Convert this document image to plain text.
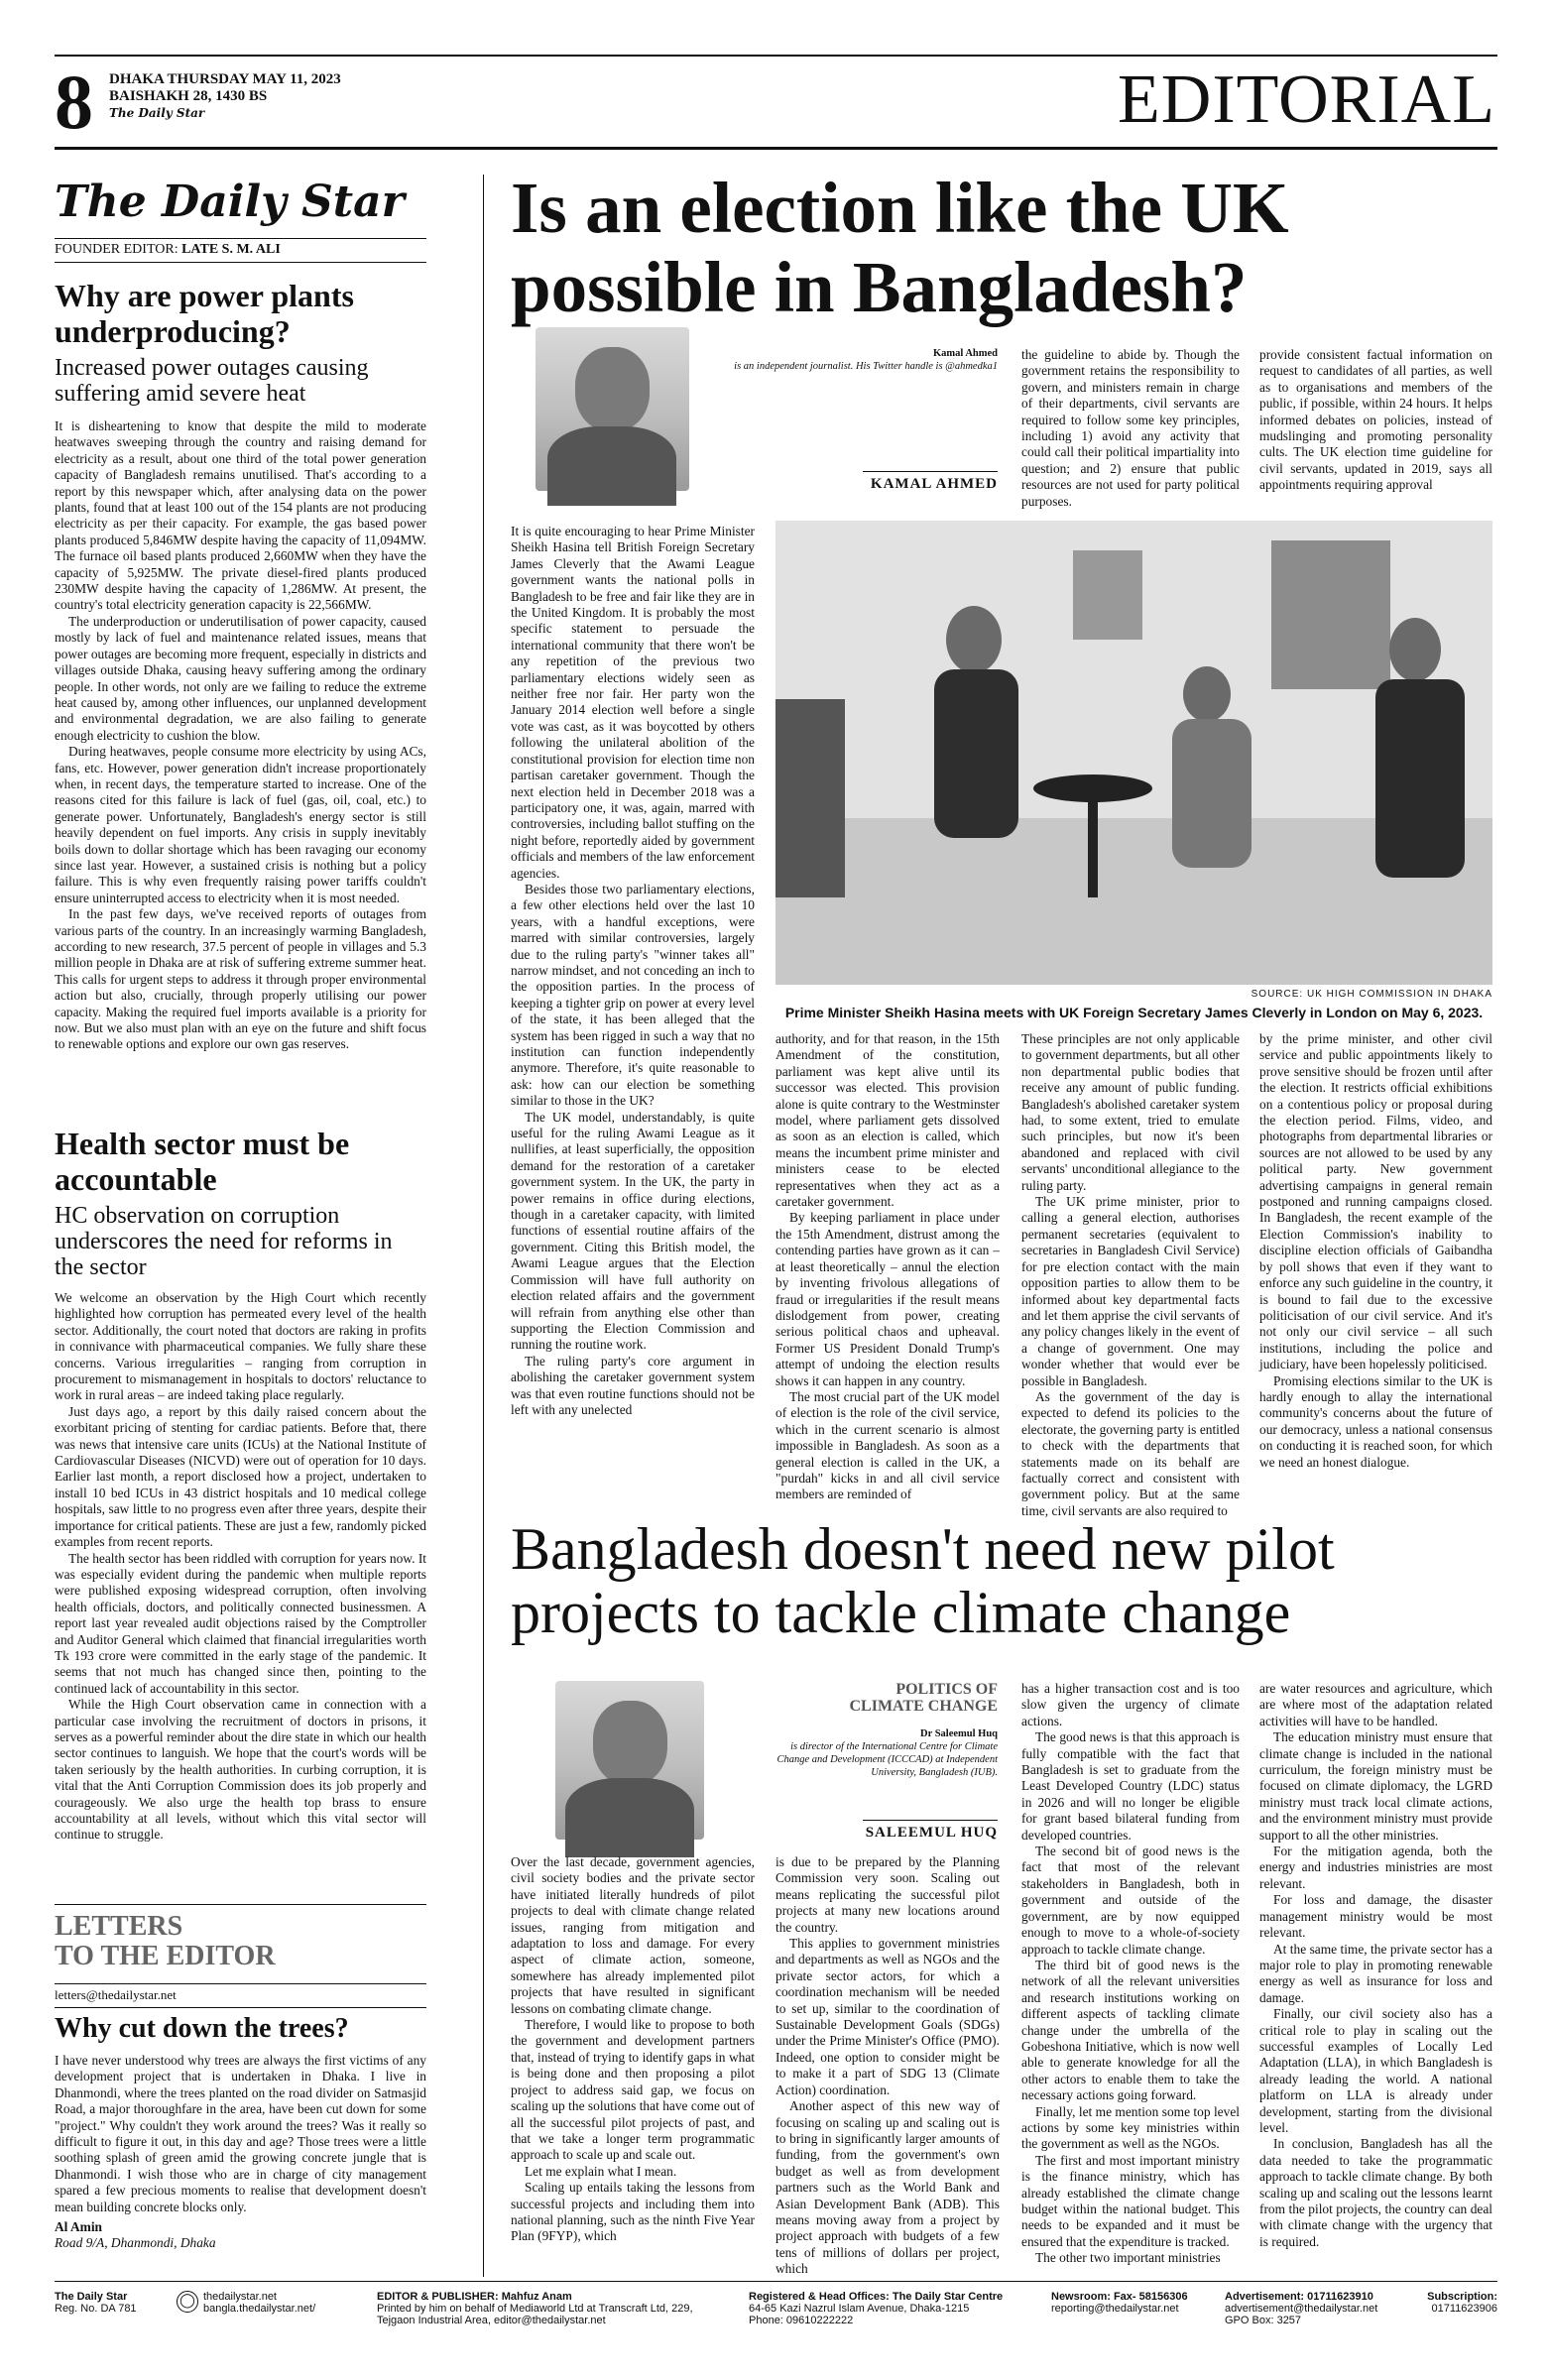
8 DHAKA THURSDAY MAY 11, 2023
BAISHAKH 28, 1430 BS
The Daily Star	EDITORIAL
The Daily Star
FOUNDER EDITOR: LATE S. M. ALI
Why are power plants underproducing?
Increased power outages causing suffering amid severe heat

It is disheartening to know that despite the mild to moderate heatwaves sweeping through the country and raising demand for electricity as a result, about one third of the total power generation capacity of Bangladesh remains unutilised. That's according to a report by this newspaper which, after analysing data on the power plants, found that at least 100 out of the 154 plants are not producing electricity as per their capacity. For example, the gas based power plants produced 5,846MW despite having the capacity of 11,094MW. The furnace oil based plants produced 2,660MW when they have the capacity of 5,925MW. The private diesel-fired plants produced 230MW despite having the capacity of 1,286MW. At present, the country's total electricity generation capacity is 22,566MW.

The underproduction or underutilisation of power capacity, caused mostly by lack of fuel and maintenance related issues, means that power outages are becoming more frequent, especially in districts and villages outside Dhaka, causing heavy suffering among the ordinary people. In other words, not only are we failing to reduce the extreme heat caused by, among other influences, our unplanned development and environmental degradation, we are also failing to generate enough electricity to cushion the blow.

During heatwaves, people consume more electricity by using ACs, fans, etc. However, power generation didn't increase proportionately when, in recent days, the temperature started to increase. One of the reasons cited for this failure is lack of fuel (gas, oil, coal, etc.) to generate power. Unfortunately, Bangladesh's energy sector is still heavily dependent on fuel imports. Any crisis in supply inevitably boils down to dollar shortage which has been ravaging our economy since last year. However, a sustained crisis is nothing but a policy failure. This is why even frequently raising power tariffs couldn't ensure uninterrupted access to electricity when it is most needed.

In the past few days, we've received reports of outages from various parts of the country. In an increasingly warming Bangladesh, according to new research, 37.5 percent of people in villages and 5.3 million people in Dhaka are at risk of suffering extreme summer heat. This calls for urgent steps to address it through proper environmental action but also, crucially, through properly utilising our power capacity. Making the required fuel imports available is a priority for now. But we also must plan with an eye on the future and shift focus to renewable options and explore our own gas reserves.

Health sector must be accountable
HC observation on corruption underscores the need for reforms in the sector

We welcome an observation by the High Court which recently highlighted how corruption has permeated every level of the health sector. Additionally, the court noted that doctors are raking in profits in connivance with pharmaceutical companies. We fully share these concerns. Various irregularities – ranging from corruption in procurement to mismanagement in hospitals to doctors' reluctance to work in rural areas – are indeed taking place regularly.

Just days ago, a report by this daily raised concern about the exorbitant pricing of stenting for cardiac patients. Before that, there was news that intensive care units (ICUs) at the National Institute of Cardiovascular Diseases (NICVD) were out of operation for 10 days. Earlier last month, a report disclosed how a project, undertaken to install 10 bed ICUs in 43 district hospitals and 10 medical college hospitals, saw little to no progress even after three years, despite their importance for critical patients. These are just a few, randomly picked examples from recent reports.

The health sector has been riddled with corruption for years now. It was especially evident during the pandemic when multiple reports were published exposing widespread corruption, often involving health officials, doctors, and politically connected businessmen. A report last year revealed audit objections raised by the Comptroller and Auditor General which claimed that financial irregularities worth Tk 193 crore were committed in the early stage of the pandemic. It seems that not much has changed since then, pointing to the continued lack of accountability in this sector.

While the High Court observation came in connection with a particular case involving the recruitment of doctors in prisons, it serves as a powerful reminder about the dire state in which our health sector continues to languish. We hope that the court's words will be taken seriously by the health authorities. In curbing corruption, it is vital that the Anti Corruption Commission does its job properly and courageously. We also urge the health top brass to ensure accountability at all levels, without which this vital sector will continue to struggle.

LETTERS
TO THE EDITOR
letters@thedailystar.net
Why cut down the trees?
I have never understood why trees are always the first victims of any development project that is undertaken in Dhaka. I live in Dhanmondi, where the trees planted on the road divider on Satmasjid Road, a major thoroughfare in the area, have been cut down for some "project." Why couldn't they work around the trees? Was it really so difficult to figure it out, in this day and age? Those trees were a little soothing splash of green amid the growing concrete jungle that is Dhanmondi. I wish those who are in charge of city management spared a few precious moments to realise that development doesn't mean building concrete blocks only.
Al Amin
Road 9/A, Dhanmondi, Dhaka
Is an election like the UK possible in Bangladesh?
Kamal Ahmed
is an independent journalist. His Twitter handle is @ahmedka1
KAMAL AHMED
the guideline to abide by. Though the government retains the responsibility to govern, and ministers remain in charge of their departments, civil servants are required to follow some key principles, including 1) avoid any activity that could call their political impartiality into question; and 2) ensure that public resources are not used for party political purposes.
provide consistent factual information on request to candidates of all parties, as well as to organisations and members of the public, if possible, within 24 hours. It helps informed debates on policies, instead of mudslinging and promoting personality cults. The UK election time guideline for civil servants, updated in 2019, says all appointments requiring approval
SOURCE: UK HIGH COMMISSION IN DHAKA
Prime Minister Sheikh Hasina meets with UK Foreign Secretary James Cleverly in London on May 6, 2023.

It is quite encouraging to hear Prime Minister Sheikh Hasina tell British Foreign Secretary James Cleverly that the Awami League government wants the national polls in Bangladesh to be free and fair like they are in the United Kingdom. It is probably the most specific statement to persuade the international community that there won't be any repetition of the previous two parliamentary elections widely seen as neither free nor fair. Her party won the January 2014 election well before a single vote was cast, as it was boycotted by others following the unilateral abolition of the constitutional provision for election time non partisan caretaker government. Though the next election held in December 2018 was a participatory one, it was, again, marred with controversies, including ballot stuffing on the night before, reportedly aided by government officials and members of the law enforcement agencies.

Besides those two parliamentary elections, a few other elections held over the last 10 years, with a handful exceptions, were marred with similar controversies, largely due to the ruling party's "winner takes all" narrow mindset, and not conceding an inch to the opposition parties. In the process of keeping a tighter grip on power at every level of the state, it has been alleged that the system has been rigged in such a way that no institution can function independently anymore. Therefore, it's quite reasonable to ask: how can our election be something similar to those in the UK?

The UK model, understandably, is quite useful for the ruling Awami League as it nullifies, at least superficially, the opposition demand for the restoration of a caretaker government system. In the UK, the party in power remains in office during elections, though in a caretaker capacity, with limited functions of essential routine affairs of the government. Citing this British model, the Awami League argues that the Election Commission will have full authority on election related affairs and the government will refrain from anything else other than supporting the Election Commission and running the routine work.

The ruling party's core argument in abolishing the caretaker government system was that even routine functions should not be left with any unelected

authority, and for that reason, in the 15th Amendment of the constitution, parliament was kept alive until its successor was elected. This provision alone is quite contrary to the Westminster model, where parliament gets dissolved as soon as an election is called, which means the incumbent prime minister and ministers cease to be elected representatives when they act as a caretaker government.

By keeping parliament in place under the 15th Amendment, distrust among the contending parties have grown as it can – at least theoretically – annul the election by inventing frivolous allegations of fraud or irregularities if the result means dislodgement from power, creating serious political chaos and upheaval. Former US President Donald Trump's attempt of undoing the election results shows it can happen in any country.

The most crucial part of the UK model of election is the role of the civil service, which in the current scenario is almost impossible in Bangladesh. As soon as a general election is called in the UK, a "purdah" kicks in and all civil service members are reminded of

These principles are not only applicable to government departments, but all other non departmental public bodies that receive any amount of public funding. Bangladesh's abolished caretaker system had, to some extent, tried to emulate such principles, but now it's been abandoned and replaced with civil servants' unconditional allegiance to the ruling party.

The UK prime minister, prior to calling a general election, authorises permanent secretaries (equivalent to secretaries in Bangladesh Civil Service) for pre election contact with the main opposition parties to allow them to be informed about key departmental facts and let them apprise the civil servants of any policy changes likely in the event of a change of government. One may wonder whether that would ever be possible in Bangladesh.

As the government of the day is expected to defend its policies to the electorate, the governing party is entitled to check with the departments that statements made on its behalf are factually correct and consistent with government policy. But at the same time, civil servants are also required to

by the prime minister, and other civil service and public appointments likely to prove sensitive should be frozen until after the election. It restricts official exhibitions on a contentious policy or proposal during the election period. Films, video, and photographs from departmental libraries or sources are not allowed to be used by any political party. New government advertising campaigns in general remain postponed and running campaigns closed. In Bangladesh, the recent example of the Election Commission's inability to discipline election officials of Gaibandha by poll shows that even if they want to enforce any such guideline in the country, it is bound to fail due to the excessive politicisation of our civil service. And it's not only our civil service – all such institutions, including the police and judiciary, have been hopelessly politicised.

Promising elections similar to the UK is hardly enough to allay the international community's concerns about the future of our democracy, unless a national consensus on conducting it is reached soon, for which we need an honest dialogue.

Bangladesh doesn't need new pilot projects to tackle climate change
POLITICS OF
CLIMATE CHANGE
Dr Saleemul Huq
is director of the International Centre for Climate Change and Development (ICCCAD) at Independent University, Bangladesh (IUB).
SALEEMUL HUQ

Over the last decade, government agencies, civil society bodies and the private sector have initiated literally hundreds of pilot projects to deal with climate change related issues, ranging from mitigation and adaptation to loss and damage. For every aspect of climate action, someone, somewhere has already implemented pilot projects that have resulted in significant lessons on combating climate change.

Therefore, I would like to propose to both the government and development partners that, instead of trying to identify gaps in what is being done and then proposing a pilot project to address said gap, we focus on scaling up the solutions that have come out of all the successful pilot projects of past, and that we take a longer term programmatic approach to scale up and scale out.

Let me explain what I mean.

Scaling up entails taking the lessons from successful projects and including them into national planning, such as the ninth Five Year Plan (9FYP), which

is due to be prepared by the Planning Commission very soon. Scaling out means replicating the successful pilot projects at many new locations around the country.

This applies to government ministries and departments as well as NGOs and the private sector actors, for which a coordination mechanism will be needed to set up, similar to the coordination of Sustainable Development Goals (SDGs) under the Prime Minister's Office (PMO). Indeed, one option to consider might be to make it a part of SDG 13 (Climate Action) coordination.

Another aspect of this new way of focusing on scaling up and scaling out is to bring in significantly larger amounts of funding, from the government's own budget as well as from development partners such as the World Bank and Asian Development Bank (ADB). This means moving away from a project by project approach with budgets of a few tens of millions of dollars per project, which

has a higher transaction cost and is too slow given the urgency of climate actions.

The good news is that this approach is fully compatible with the fact that Bangladesh is set to graduate from the Least Developed Country (LDC) status in 2026 and will no longer be eligible for grant based bilateral funding from developed countries.

The second bit of good news is the fact that most of the relevant stakeholders in Bangladesh, both in government and outside of the government, are by now equipped enough to move to a whole-of-society approach to tackle climate change.

The third bit of good news is the network of all the relevant universities and research institutions working on different aspects of tackling climate change under the umbrella of the Gobeshona Initiative, which is now well able to generate knowledge for all the other actors to enable them to take the necessary actions going forward.

Finally, let me mention some top level actions by some key ministries within the government as well as the NGOs.

The first and most important ministry is the finance ministry, which has already established the climate change budget within the national budget. This needs to be expanded and it must be ensured that the expenditure is tracked.

The other two important ministries

are water resources and agriculture, which are where most of the adaptation related activities will have to be handled.

The education ministry must ensure that climate change is included in the national curriculum, the foreign ministry must be focused on climate diplomacy, the LGRD ministry must track local climate actions, and the environment ministry must provide support to all the other ministries.

For the mitigation agenda, both the energy and industries ministries are most relevant.

For loss and damage, the disaster management ministry would be most relevant.

At the same time, the private sector has a major role to play in promoting renewable energy as well as insurance for loss and damage.

Finally, our civil society also has a critical role to play in scaling out the successful examples of Locally Led Adaptation (LLA), in which Bangladesh is already leading the world. A national platform on LLA is already under development, starting from the divisional level.

In conclusion, Bangladesh has all the data needed to take the programmatic approach to tackle climate change. By both scaling up and scaling out the lessons learnt from the pilot projects, the country can deal with climate change with the urgency that is required.

The Daily Star
Reg. No. DA 781	◯ thedailystar.net
bangla.thedailystar.net/
EDITOR & PUBLISHER: Mahfuz Anam
Printed by him on behalf of Mediaworld Ltd at Transcraft Ltd, 229,
Tejgaon Industrial Area, editor@thedailystar.net
Registered & Head Offices: The Daily Star Centre
64-65 Kazi Nazrul Islam Avenue, Dhaka-1215
Phone: 09610222222
Newsroom: Fax- 58156306
reporting@thedailystar.net
Advertisement: 01711623910
advertisement@thedailystar.net
GPO Box: 3257
Subscription:
01711623906
